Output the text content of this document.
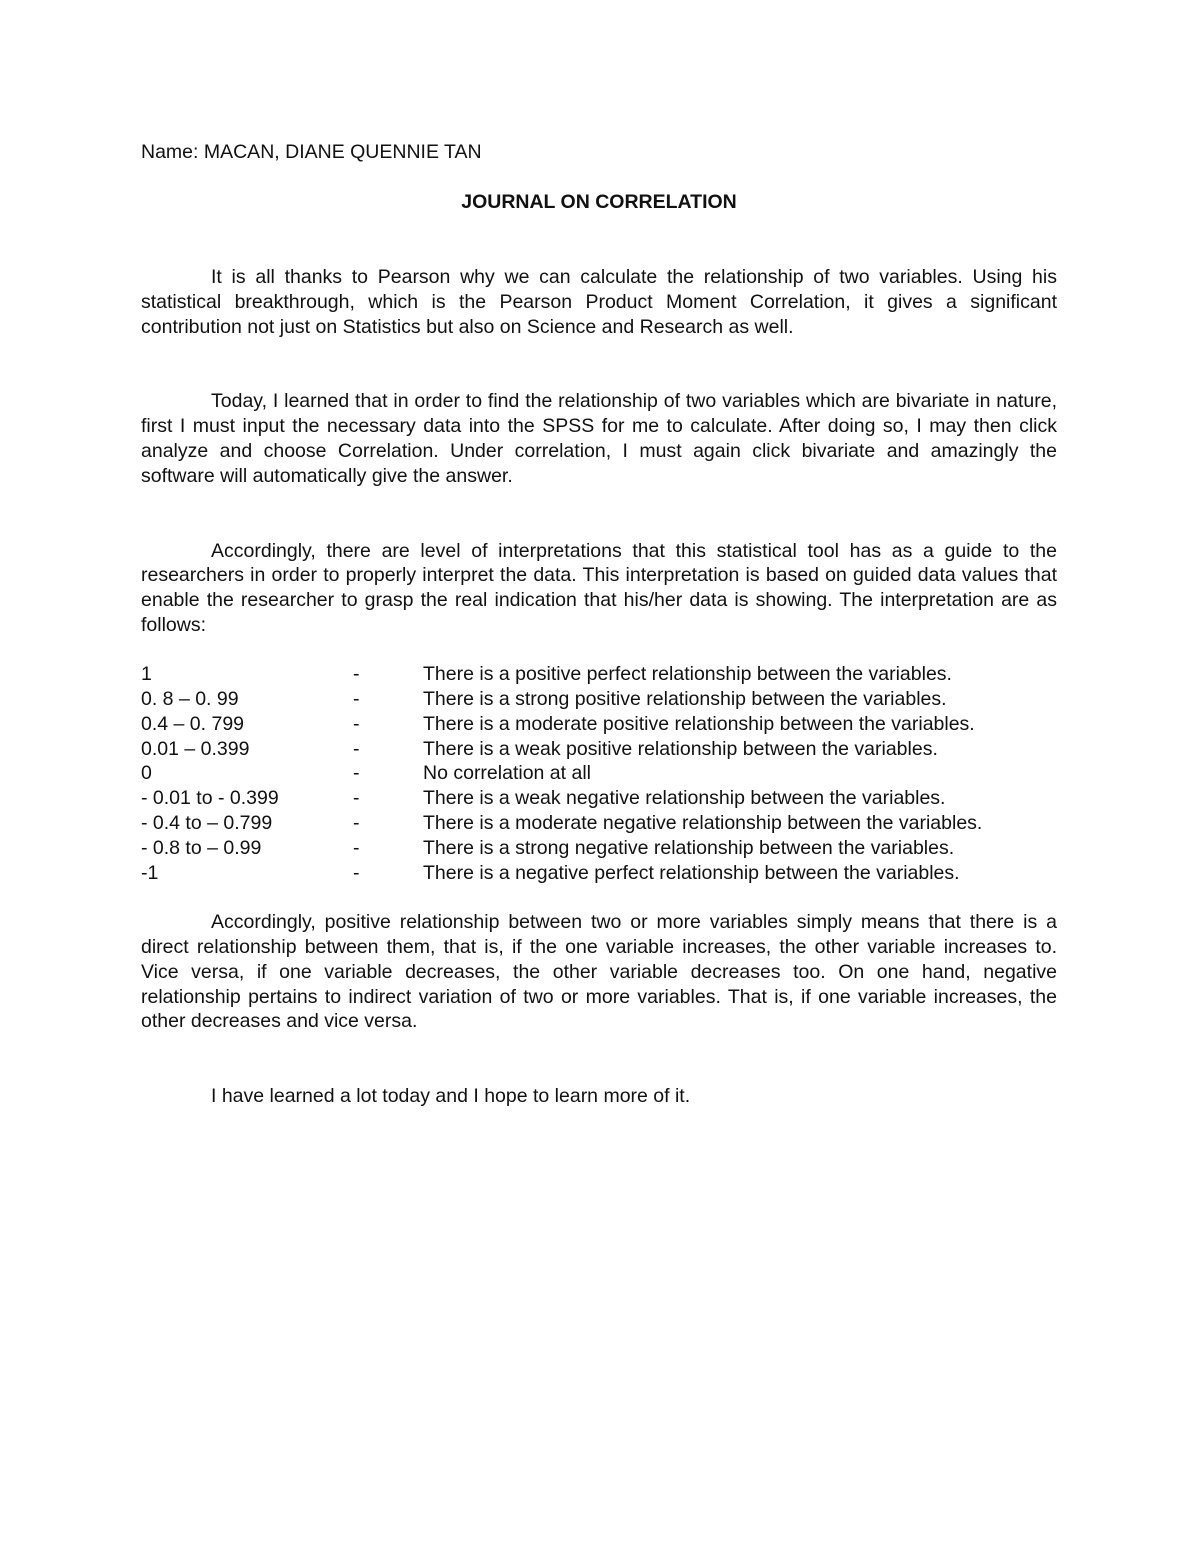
Name: MACAN, DIANE QUENNIE TAN

JOURNAL ON CORRELATION

It is all thanks to Pearson why we can calculate the relationship of two variables. Using his statistical breakthrough, which is the Pearson Product Moment Correlation, it gives a significant contribution not just on Statistics but also on Science and Research as well.

Today, I learned that in order to find the relationship of two variables which are bivariate in nature, first I must input the necessary data into the SPSS for me to calculate. After doing so, I may then click analyze and choose Correlation. Under correlation, I must again click bivariate and amazingly the software will automatically give the answer.

Accordingly, there are level of interpretations that this statistical tool has as a guide to the researchers in order to properly interpret the data. This interpretation is based on guided data values that enable the researcher to grasp the real indication that his/her data is showing. The interpretation are as follows:

1	-	There is a positive perfect relationship between the variables.
0. 8 – 0. 99	-	There is a strong positive relationship between the variables.
0.4 – 0. 799	-	There is a moderate positive relationship between the variables.
0.01 – 0.399	-	There is a weak positive relationship between the variables.
0	-	No correlation at all
- 0.01 to - 0.399	-	There is a weak negative relationship between the variables.
- 0.4 to – 0.799	-	There is a moderate negative relationship between the variables.
- 0.8 to – 0.99	-	There is a strong negative relationship between the variables.
-1	-	There is a negative perfect relationship between the variables.

Accordingly, positive relationship between two or more variables simply means that there is a direct relationship between them, that is, if the one variable increases, the other variable increases to. Vice versa, if one variable decreases, the other variable decreases too. On one hand, negative relationship pertains to indirect variation of two or more variables. That is, if one variable increases, the other decreases and vice versa.

I have learned a lot today and I hope to learn more of it.
